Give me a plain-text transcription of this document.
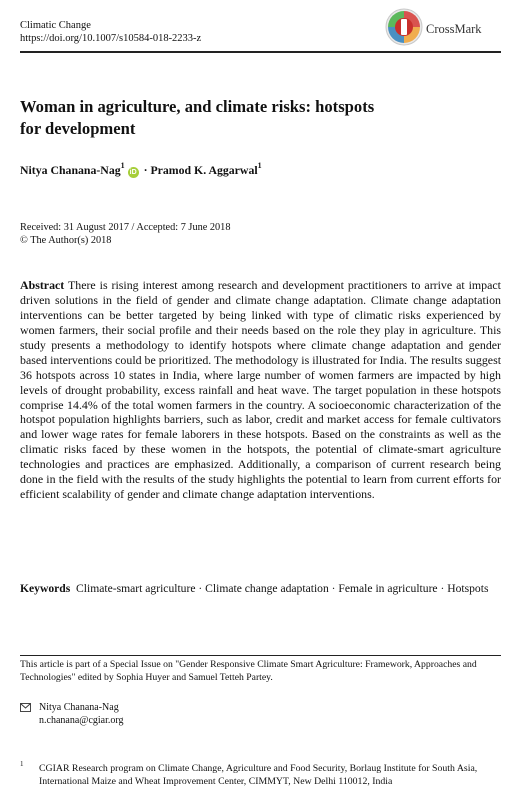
Climatic Change
https://doi.org/10.1007/s10584-018-2233-z
CrossMark
Woman in agriculture, and climate risks: hotspots
for development
Nitya Chanana-Nag$^1$iD · Pramod K. Aggarwal$^1$
Received: 31 August 2017 / Accepted: 7 June 2018
© The Author(s) 2018
Abstract There is rising interest among research and development practitioners to arrive at impact driven solutions in the field of gender and climate change adaptation. Climate change adaptation interventions can be better targeted by being linked with type of climatic risks experienced by women farmers, their social profile and their needs based on the role they play in agriculture. This study presents a methodology to identify hotspots where climate change adaptation and gender based interventions could be prioritized. The methodology is illustrated for India. The results suggest 36 hotspots across 10 states in India, where large number of women farmers are impacted by high levels of drought probability, excess rainfall and heat wave. The target population in these hotspots comprise 14.4% of the total women farmers in the country. A socioeconomic characterization of the hotspot population highlights barriers, such as labor, credit and market access for female cultivators and lower wage rates for female laborers in these hotspots. Based on the constraints as well as the climatic risks faced by these women in the hotspots, the potential of climate-smart agriculture technologies and practices are emphasized. Additionally, a comparison of current research being done in the field with the results of the study highlights the potential to learn from current efforts for efficient scalability of gender and climate change adaptation interventions.
Keywords Climate-smart agriculture · Climate change adaptation · Female in agriculture · Hotspots
This article is part of a Special Issue on "Gender Responsive Climate Smart Agriculture: Framework, Approaches and Technologies" edited by Sophia Huyer and Samuel Tetteh Partey.
Nitya Chanana-Nag
n.chanana@cgiar.org
1 CGIAR Research program on Climate Change, Agriculture and Food Security, Borlaug Institute for South Asia, International Maize and Wheat Improvement Center, CIMMYT, New Delhi 110012, India
